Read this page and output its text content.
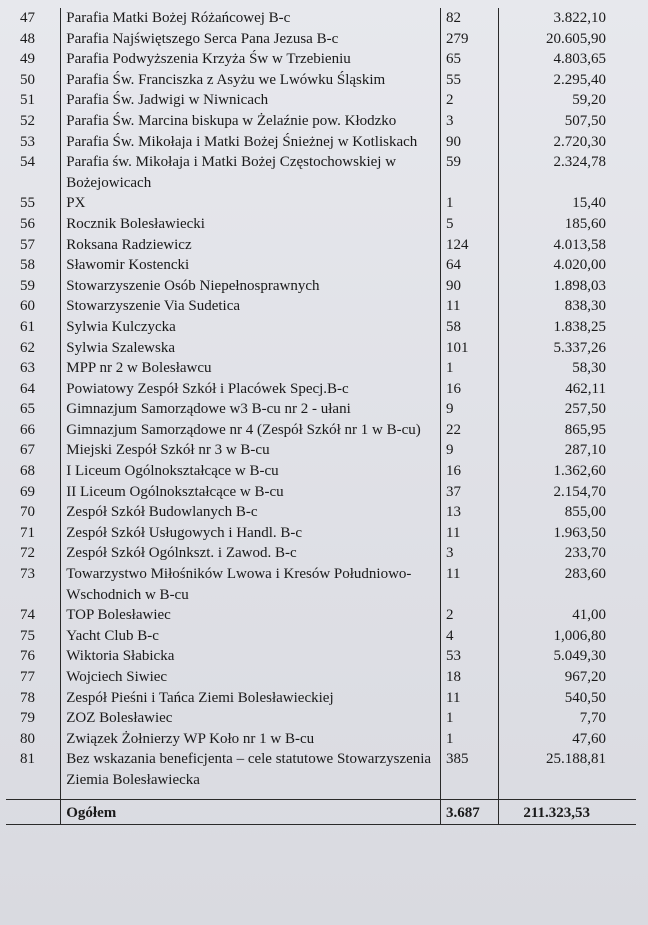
47	Parafia Matki Bożej Różańcowej B-c	82	3.822,10
48	Parafia Najświętszego Serca Pana Jezusa B-c	279	20.605,90
49	Parafia Podwyższenia Krzyża Św w Trzebieniu	65	4.803,65
50	Parafia Św. Franciszka z Asyżu we Lwówku Śląskim	55	2.295,40
51	Parafia Św. Jadwigi w Niwnicach	2	59,20
52	Parafia Św. Marcina biskupa w Żelaźnie pow. Kłodzko	3	507,50
53	Parafia Św. Mikołaja i Matki Bożej Śnieżnej w Kotliskach	90	2.720,30
54	Parafia św. Mikołaja i Matki Bożej Częstochowskiej w Bożejowicach	59	2.324,78
55	PX	1	15,40
56	Rocznik Bolesławiecki	5	185,60
57	Roksana Radziewicz	124	4.013,58
58	Sławomir Kostencki	64	4.020,00
59	Stowarzyszenie Osób Niepełnosprawnych	90	1.898,03
60	Stowarzyszenie Via Sudetica	11	838,30
61	Sylwia Kulczycka	58	1.838,25
62	Sylwia Szalewska	101	5.337,26
63	MPP nr 2 w Bolesławcu	1	58,30
64	Powiatowy Zespół Szkół i Placówek Specj.B-c	16	462,11
65	Gimnazjum Samorządowe w3 B-cu nr 2 - ułani	9	257,50
66	Gimnazjum Samorządowe nr 4 (Zespół Szkół nr 1 w B-cu)	22	865,95
67	Miejski Zespół Szkół nr 3 w B-cu	9	287,10
68	I Liceum Ogólnokształcące w B-cu	16	1.362,60
69	II Liceum Ogólnokształcące w B-cu	37	2.154,70
70	Zespół Szkół Budowlanych B-c	13	855,00
71	Zespół Szkół Usługowych i Handl. B-c	11	1.963,50
72	Zespół Szkół Ogólnkszt. i Zawod. B-c	3	233,70
73	Towarzystwo Miłośników Lwowa i Kresów Południowo-Wschodnich w B-cu	11	283,60
74	TOP Bolesławiec	2	41,00
75	Yacht Club B-c	4	1,006,80
76	Wiktoria Słabicka	53	5.049,30
77	Wojciech Siwiec	18	967,20
78	Zespół Pieśni i Tańca Ziemi Bolesławieckiej	11	540,50
79	ZOZ Bolesławiec	1	7,70
80	Związek Żołnierzy WP Koło nr 1 w B-cu	1	47,60
81	Bez wskazania beneficjenta – cele statutowe Stowarzyszenia Ziemia Bolesławiecka	385	25.188,81

	Ogółem	3.687	211.323,53
